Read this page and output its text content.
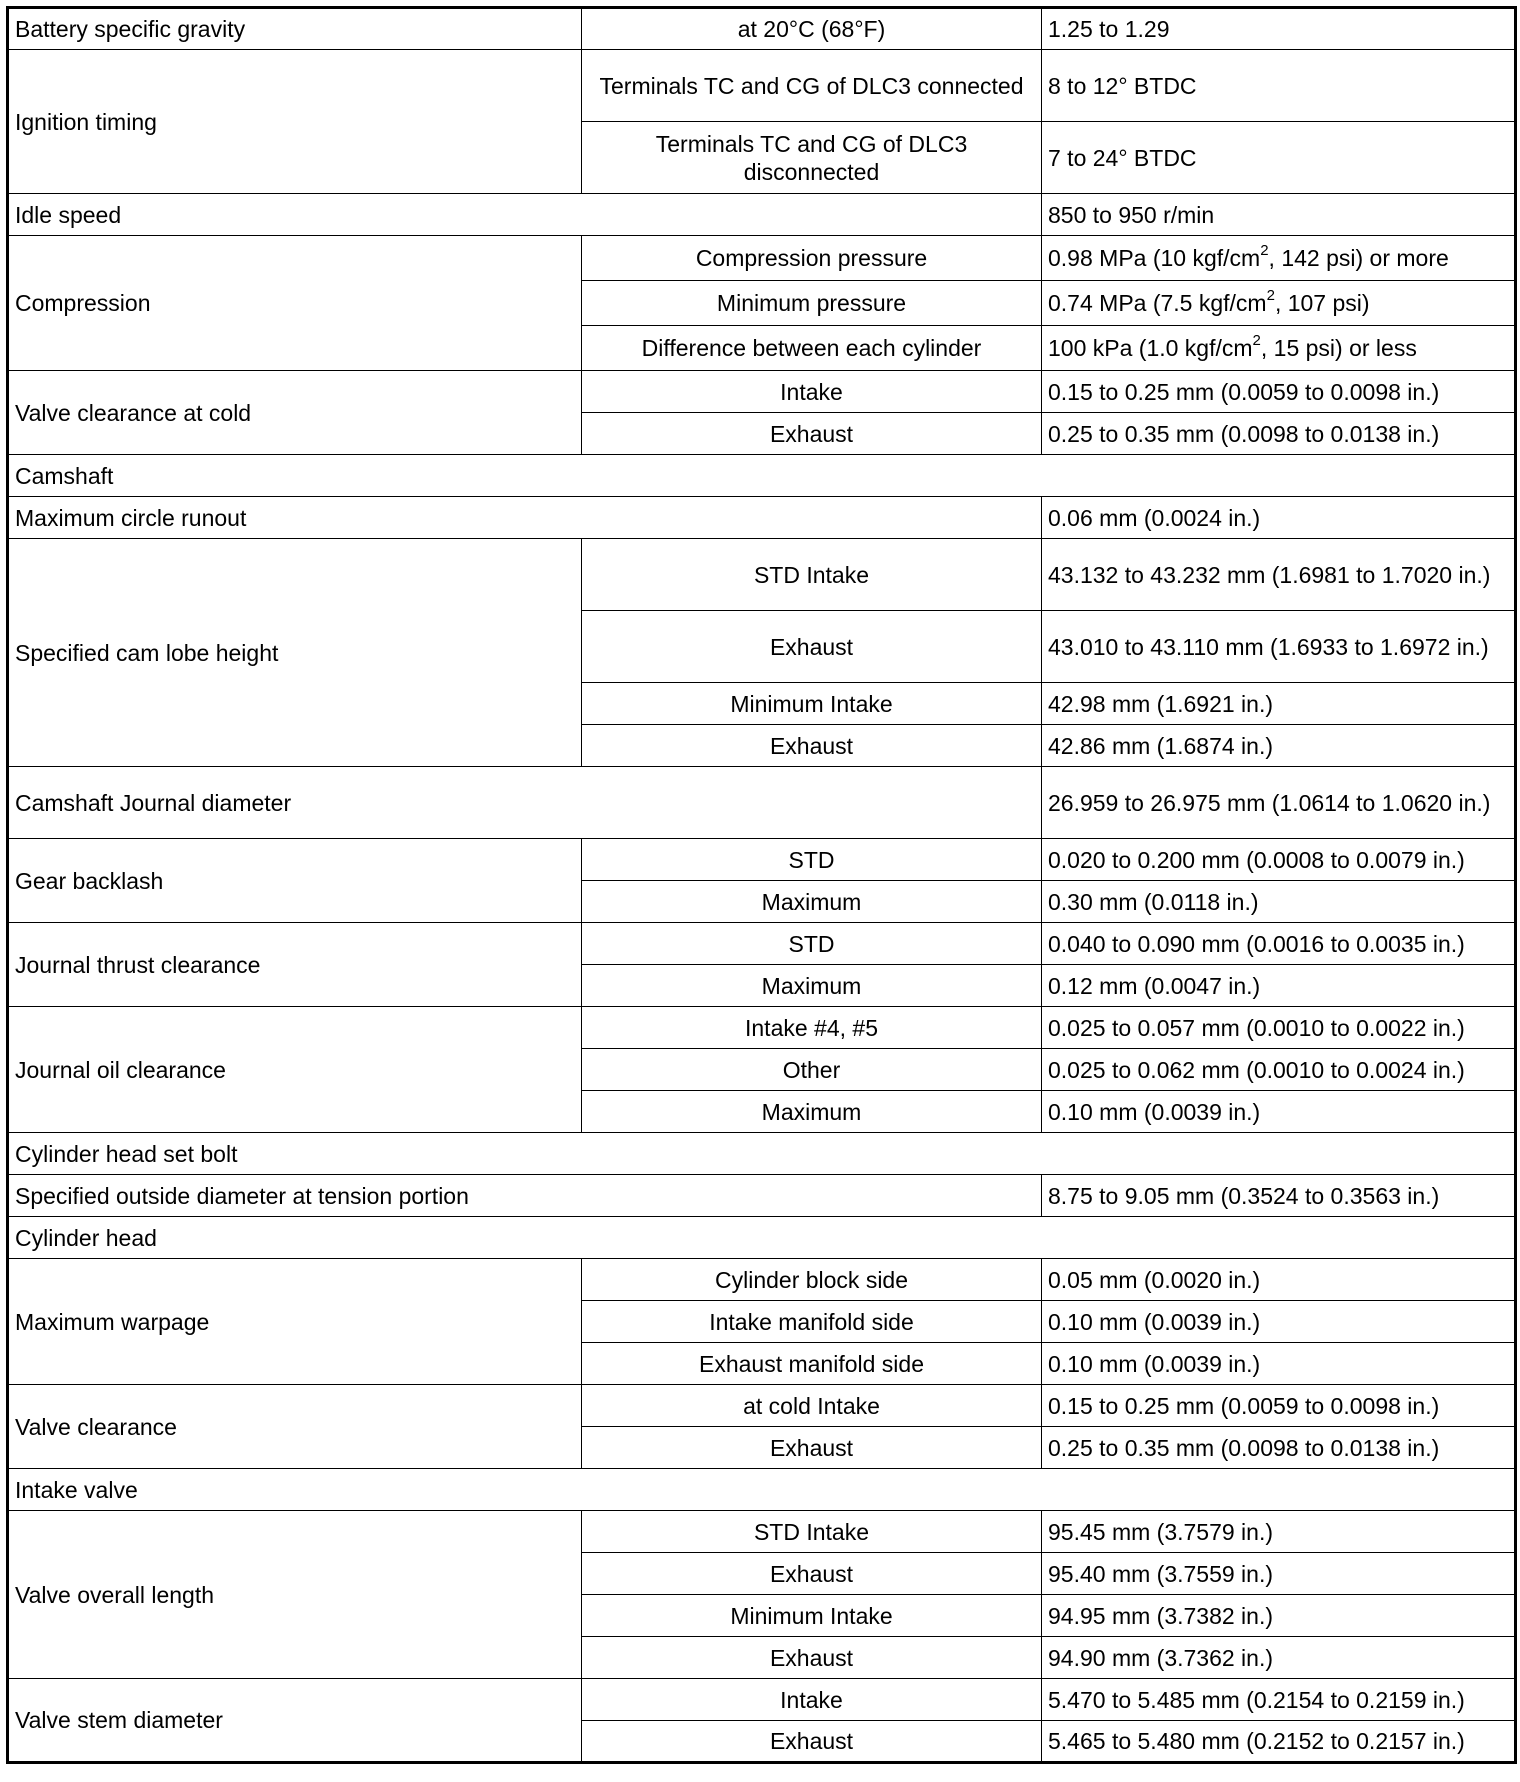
Battery specific gravity	at 20°C (68°F)	1.25 to 1.29
Ignition timing	Terminals TC and CG of DLC3 connected	8 to 12° BTDC
	Terminals TC and CG of DLC3 disconnected	7 to 24° BTDC
Idle speed		850 to 950 r/min
Compression	Compression pressure	0.98 MPa (10 kgf/$cm^2$, 142 psi) or more
	Minimum pressure	0.74 MPa (7.5 kgf/$cm^2$, 107 psi)
	Difference between each cylinder	100 kPa (1.0 kgf/$cm^2$, 15 psi) or less
Valve clearance at cold	Intake	0.15 to 0.25 mm (0.0059 to 0.0098 in.)
	Exhaust	0.25 to 0.35 mm (0.0098 to 0.0138 in.)
Camshaft		
Maximum circle runout		0.06 mm (0.0024 in.)
Specified cam lobe height	STD Intake	43.132 to 43.232 mm (1.6981 to 1.7020 in.)
	Exhaust	43.010 to 43.110 mm (1.6933 to 1.6972 in.)
	Minimum Intake	42.98 mm (1.6921 in.)
	Exhaust	42.86 mm (1.6874 in.)
Camshaft Journal diameter		26.959 to 26.975 mm (1.0614 to 1.0620 in.)
Gear backlash	STD	0.020 to 0.200 mm (0.0008 to 0.0079 in.)
	Maximum	0.30 mm (0.0118 in.)
Journal thrust clearance	STD	0.040 to 0.090 mm (0.0016 to 0.0035 in.)
	Maximum	0.12 mm (0.0047 in.)
Journal oil clearance	Intake #4, #5	0.025 to 0.057 mm (0.0010 to 0.0022 in.)
	Other	0.025 to 0.062 mm (0.0010 to 0.0024 in.)
	Maximum	0.10 mm (0.0039 in.)
Cylinder head set bolt		
Specified outside diameter at tension portion		8.75 to 9.05 mm (0.3524 to 0.3563 in.)
Cylinder head		
Maximum warpage	Cylinder block side	0.05 mm (0.0020 in.)
	Intake manifold side	0.10 mm (0.0039 in.)
	Exhaust manifold side	0.10 mm (0.0039 in.)
Valve clearance	at cold Intake	0.15 to 0.25 mm (0.0059 to 0.0098 in.)
	Exhaust	0.25 to 0.35 mm (0.0098 to 0.0138 in.)
Intake valve		
Valve overall length	STD Intake	95.45 mm (3.7579 in.)
	Exhaust	95.40 mm (3.7559 in.)
	Minimum Intake	94.95 mm (3.7382 in.)
	Exhaust	94.90 mm (3.7362 in.)
Valve stem diameter	Intake	5.470 to 5.485 mm (0.2154 to 0.2159 in.)
	Exhaust	5.465 to 5.480 mm (0.2152 to 0.2157 in.)
